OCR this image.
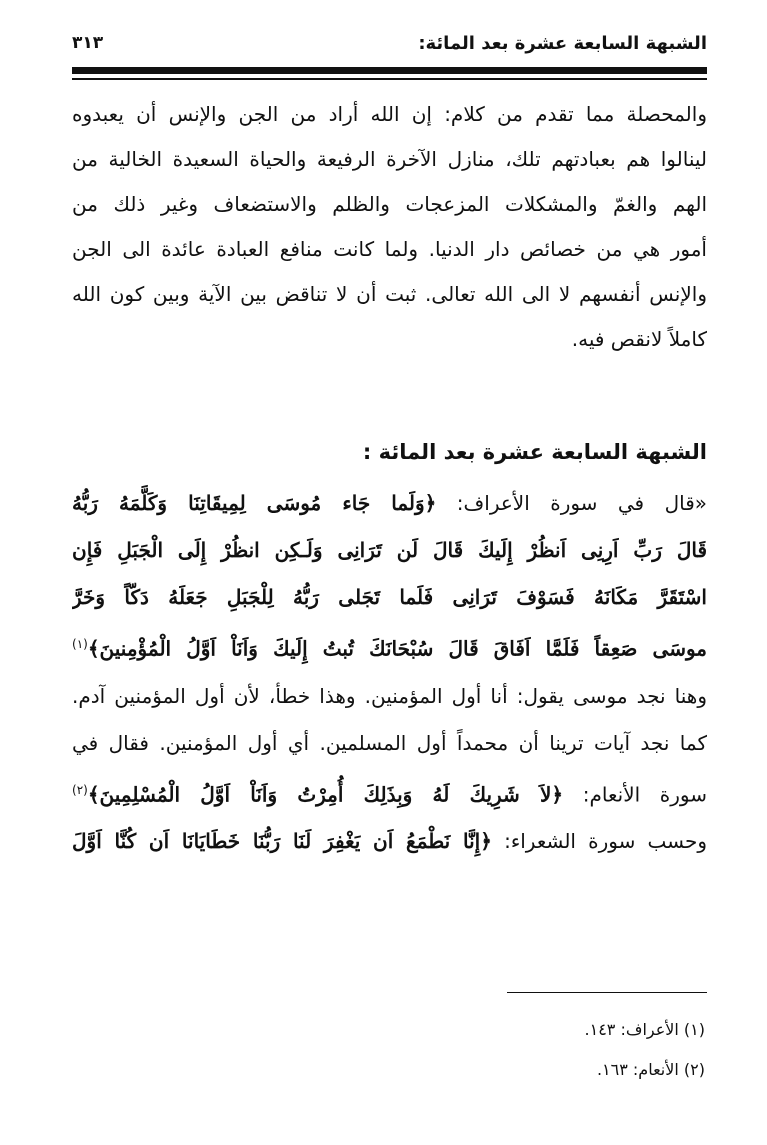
الشبهة السابعة عشرة بعد المائة:
٣١٣
والمحصلة مما تقدم من كلام: إن الله أراد من الجن والإنس أن يعبدوه
لينالوا هم بعبادتهم تلك، منازل الآخرة الرفيعة والحياة السعيدة الخالية من
الهم والغمّ والمشكلات المزعجات والظلم والاستضعاف وغير ذلك من
أمور هي من خصائص دار الدنيا. ولما كانت منافع العبادة عائدة الى الجن
والإنس أنفسهم لا الى الله تعالى. ثبت أن لا تناقض بين الآية وبين كون الله
كاملاً لانقص فيه.
الشبهة السابعة عشرة بعد المائة :
«قال في سورة الأعراف: ﴿وَلَما جَاء مُوسَى لِمِيقَاتِنَا وَكَلَّمَهُ رَبُّهُ
قَالَ رَبِّ اَرِنِى اَنظُرْ إِلَيكَ قَالَ لَن تَرَانِى وَلَـكِن انظُرْ إِلَى الْجَبَلِ فَإِن
اسْتَقَرَّ مَكَانَهُ فَسَوْفَ تَرَانِى فَلَما تَجَلى رَبُّهُ لِلْجَبَلِ جَعَلَهُ دَكّاً وَخَرَّ
موسَى صَعِقاً فَلَمَّا اَفَاقَ قَالَ سُبْحَانَكَ تُبتُ إِلَيكَ وَاَنَاْ اَوَّلُ الْمُؤْمِنينَ﴾$^{(١)}$
وهنا نجد موسى يقول: أنا أول المؤمنين. وهذا خطأ، لأن أول المؤمنين آدم.
كما نجد آيات ترينا أن محمداً أول المسلمين. أي أول المؤمنين. فقال في
سورة الأنعام: ﴿لاَ شَرِيكَ لَهُ وَبِذَلِكَ أُمِرْتُ وَاَنَاْ اَوَّلُ الْمُسْلِمِينَ﴾$^{(٢)}$
وحسب سورة الشعراء: ﴿إِنَّا نَطْمَعُ اَن يَغْفِرَ لَنَا رَبُّنَا خَطَايَانَا اَن كُنَّا اَوَّلَ
(١) الأعراف: ١٤٣.
(٢) الأنعام: ١٦٣.
